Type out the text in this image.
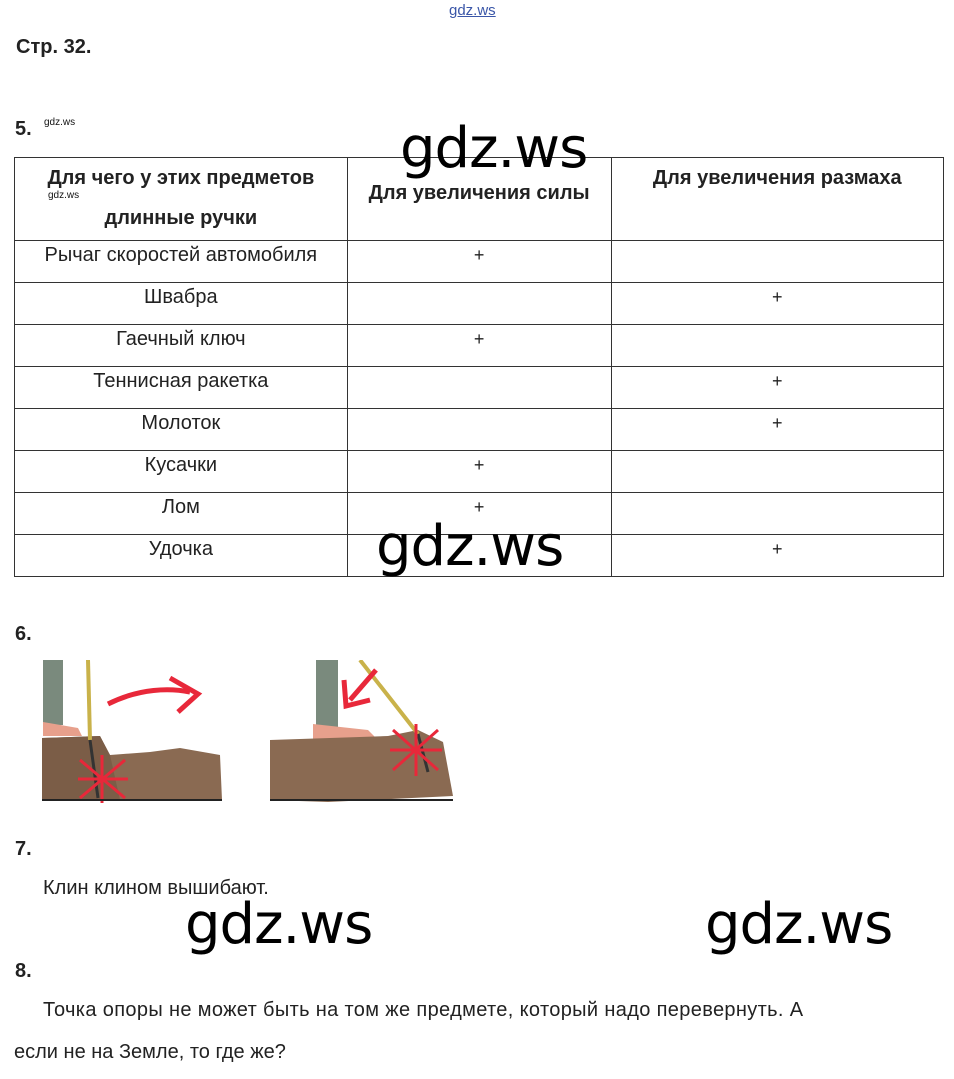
gdz.ws
Стр. 32.
5. gdz.ws
Для чего у этих предметов длинные ручки	Для увеличения силы	Для увеличения размаха
Рычаг скоростей автомобиля	+	
Швабра		+
Гаечный ключ	+	
Теннисная ракетка		+
Молоток		+
Кусачки	+	
Лом	+	
Удочка		+
gdz.ws
gdz.ws
gdz.ws
6.
7.
Клин клином вышибают.
gdz.ws	gdz.ws
8.
Точка опоры не может быть на том же предмете, который надо перевернуть. А
если не на Земле, то где же?
